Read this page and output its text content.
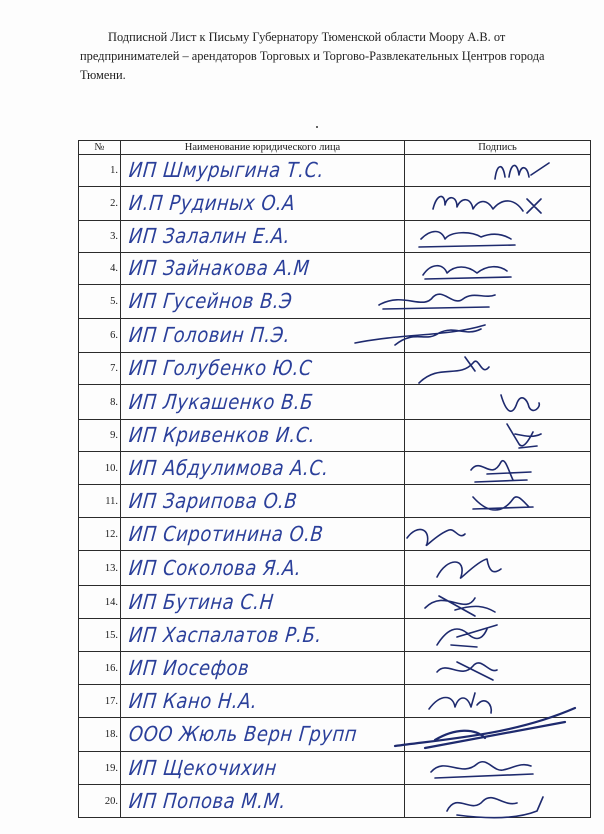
Подписной Лист к Письму Губернатору Тюменской области Моору А.В. от предпринимателей – арендаторов Торговых и Торгово-Развлекательных Центров города Тюмени.
№	Наименование юридического лица	Подпись
1.	ИП Шмурыгина Т.С.	

2.	И.П Рудиных О.А	

3.	ИП Залалин Е.А.	

4.	ИП Зайнакова А.М	

5.	ИП Гусейнов В.Э	

6.	ИП Головин П.Э.	

7.	ИП Голубенко Ю.С	

8.	ИП Лукашенко В.Б	

9.	ИП Кривенков И.С.	

10.	ИП Абдулимова А.С.	

11.	ИП Зарипова О.В	

12.	ИП Сиротинина О.В	

13.	ИП Соколова Я.А.	

14.	ИП Бутина С.Н	

15.	ИП Хаспалатов Р.Б.	

16.	ИП Иосефов	

17.	ИП Кано Н.А.	

18.	ООО Жюль Верн Групп	

19.	ИП Щекочихин	

20.	ИП Попова М.М.	
